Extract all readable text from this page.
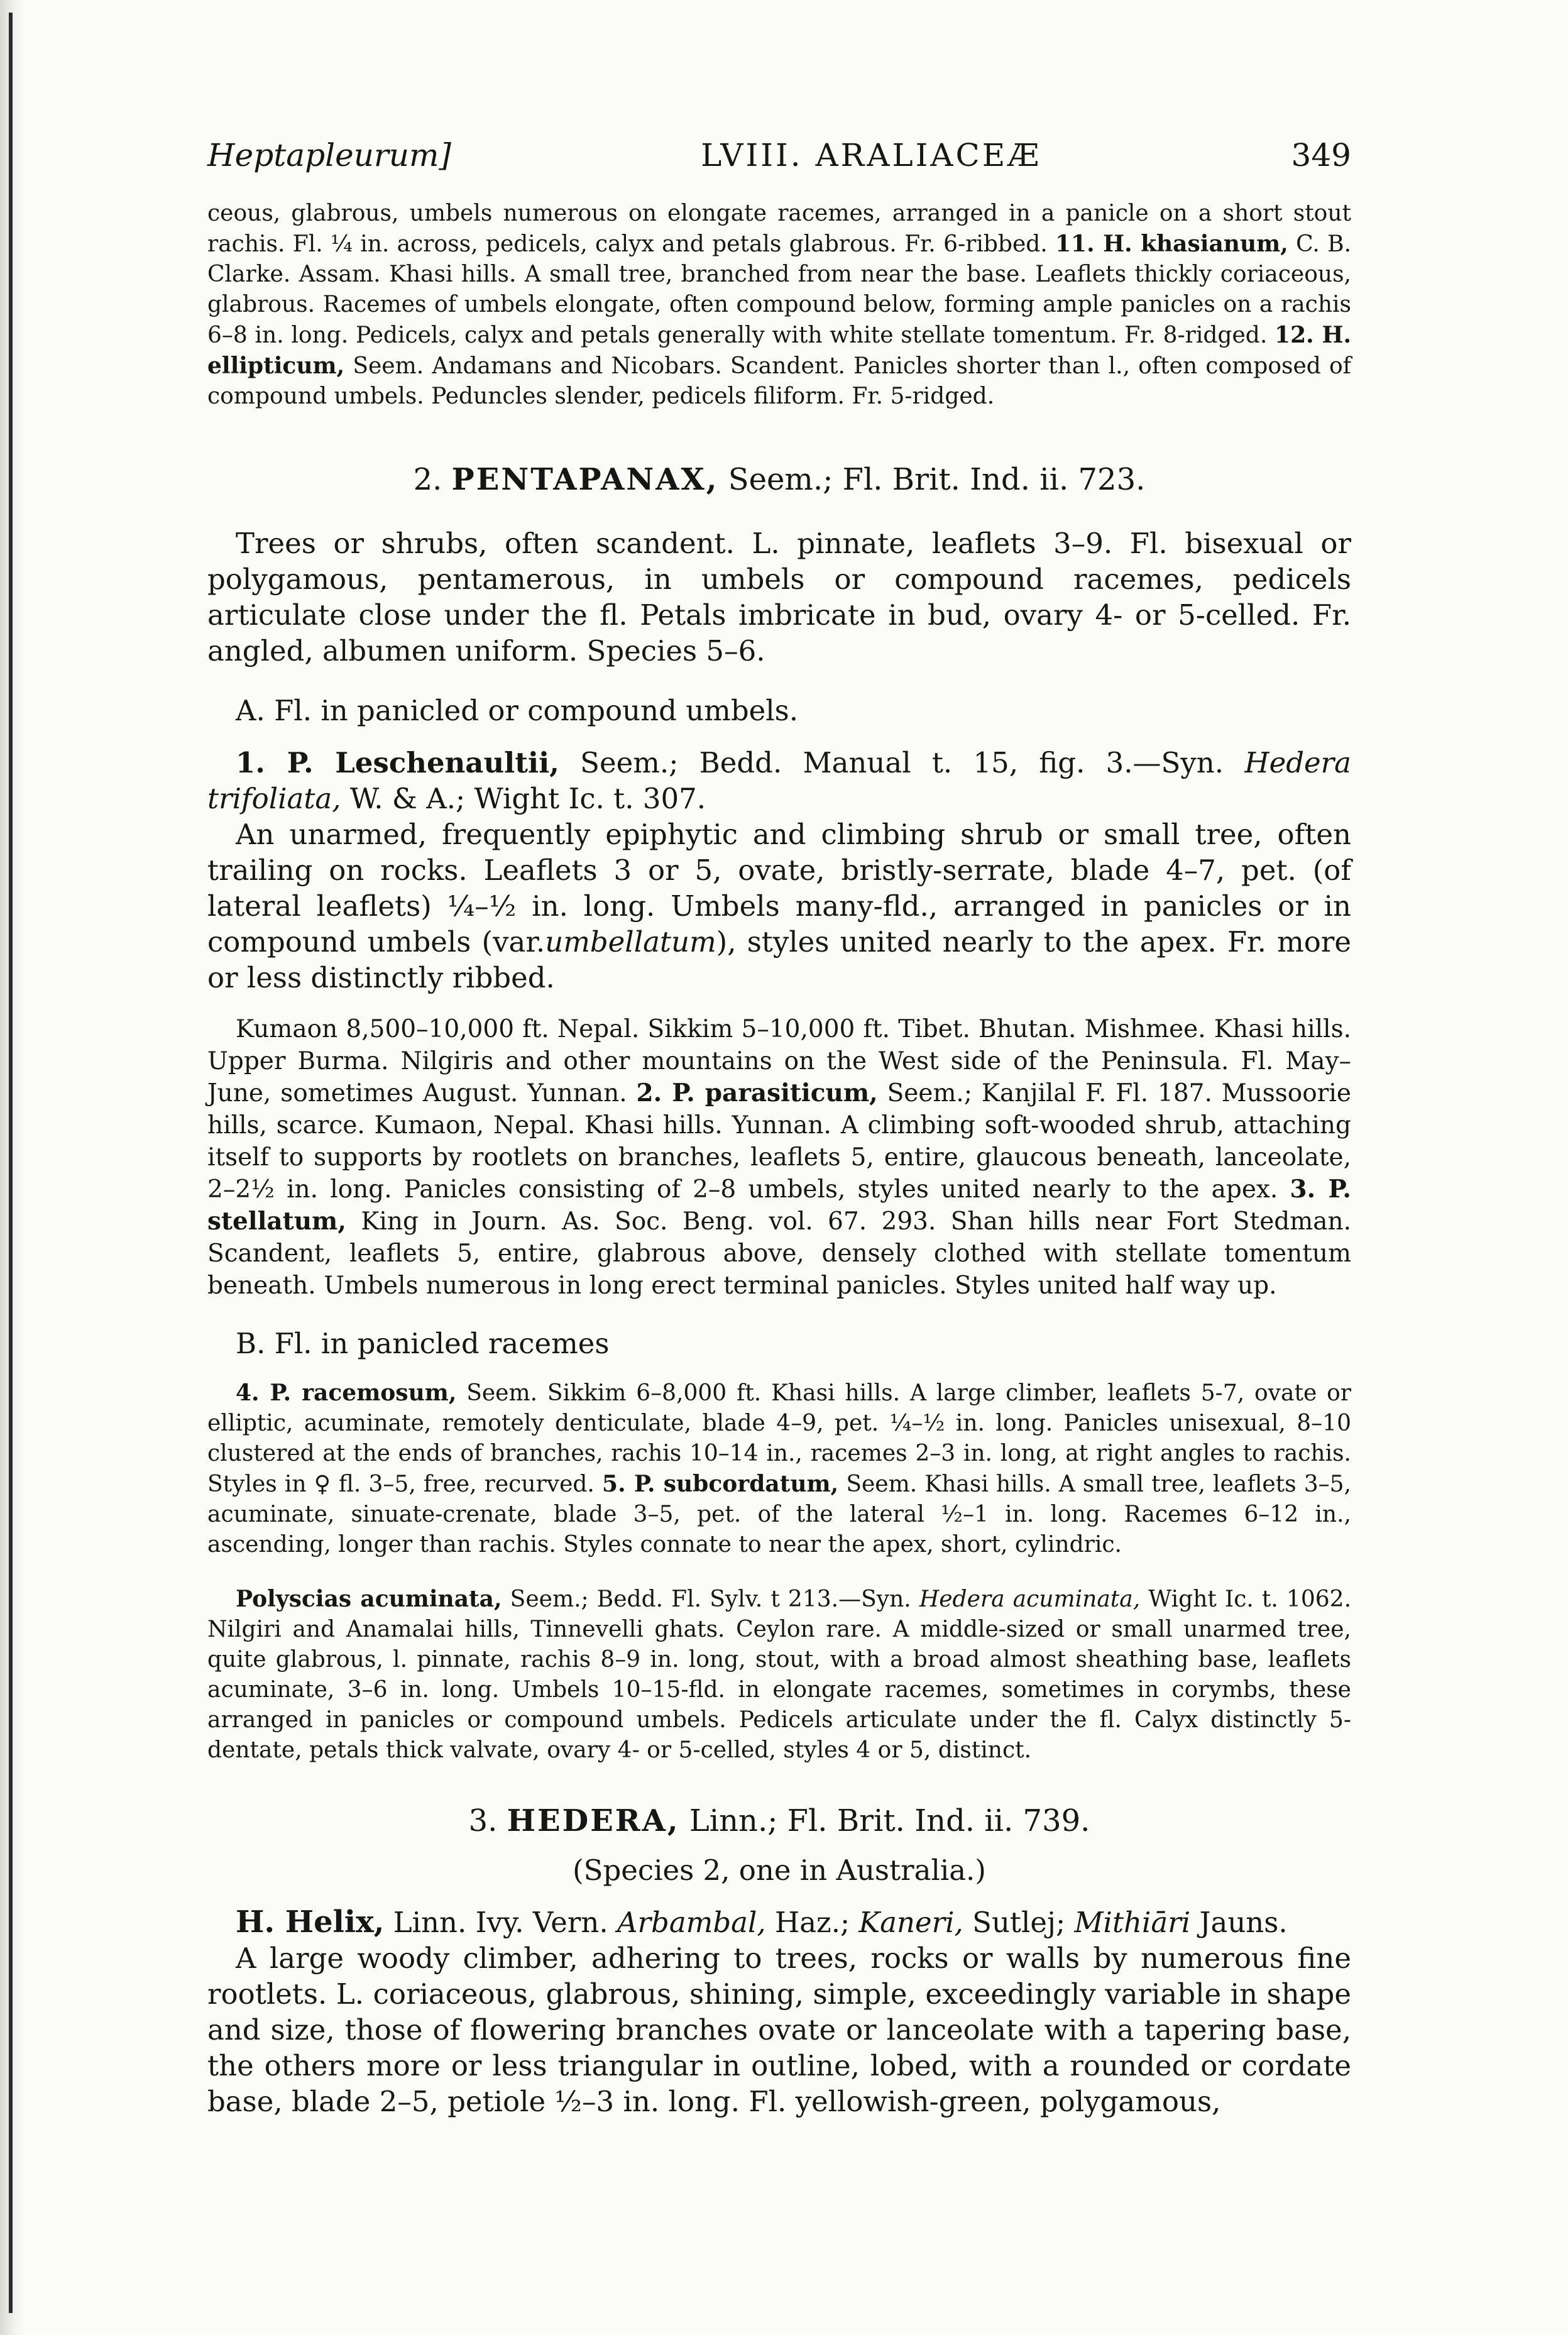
Heptapleurum]	LVIII. ARALIACEÆ	349

ceous, glabrous, umbels numerous on elongate racemes, arranged in a panicle on a short stout rachis. Fl. ¼ in. across, pedicels, calyx and petals glabrous. Fr. 6-ribbed. 11. H. khasianum, C. B. Clarke. Assam. Khasi hills. A small tree, branched from near the base. Leaflets thickly coriaceous, glabrous. Racemes of umbels elongate, often compound below, forming ample panicles on a rachis 6–8 in. long. Pedicels, calyx and petals generally with white stellate tomentum. Fr. 8-ridged. 12. H. ellipticum, Seem. Andamans and Nicobars. Scandent. Panicles shorter than l., often composed of compound umbels. Peduncles slender, pedicels filiform. Fr. 5-ridged.

2. PENTAPANAX, Seem.; Fl. Brit. Ind. ii. 723.

Trees or shrubs, often scandent. L. pinnate, leaflets 3–9. Fl. bisexual or polygamous, pentamerous, in umbels or compound racemes, pedicels articulate close under the fl. Petals imbricate in bud, ovary 4- or 5-celled. Fr. angled, albumen uniform. Species 5–6.

A. Fl. in panicled or compound umbels.

1. P. Leschenaultii, Seem.; Bedd. Manual t. 15, fig. 3.—Syn. Hedera trifoliata, W. & A.; Wight Ic. t. 307.

An unarmed, frequently epiphytic and climbing shrub or small tree, often trailing on rocks. Leaflets 3 or 5, ovate, bristly-serrate, blade 4–7, pet. (of lateral leaflets) ¼–½ in. long. Umbels many-fld., arranged in panicles or in compound umbels (var.umbellatum), styles united nearly to the apex. Fr. more or less distinctly ribbed.

Kumaon 8,500–10,000 ft. Nepal. Sikkim 5–10,000 ft. Tibet. Bhutan. Mishmee. Khasi hills. Upper Burma. Nilgiris and other mountains on the West side of the Peninsula. Fl. May–June, sometimes August. Yunnan. 2. P. parasiticum, Seem.; Kanjilal F. Fl. 187. Mussoorie hills, scarce. Kumaon, Nepal. Khasi hills. Yunnan. A climbing soft-wooded shrub, attaching itself to supports by rootlets on branches, leaflets 5, entire, glaucous beneath, lanceolate, 2–2½ in. long. Panicles consisting of 2–8 umbels, styles united nearly to the apex. 3. P. stellatum, King in Journ. As. Soc. Beng. vol. 67. 293. Shan hills near Fort Stedman. Scandent, leaflets 5, entire, glabrous above, densely clothed with stellate tomentum beneath. Umbels numerous in long erect terminal panicles. Styles united half way up.

B. Fl. in panicled racemes

4. P. racemosum, Seem. Sikkim 6–8,000 ft. Khasi hills. A large climber, leaflets 5-7, ovate or elliptic, acuminate, remotely denticulate, blade 4–9, pet. ¼–½ in. long. Panicles unisexual, 8–10 clustered at the ends of branches, rachis 10–14 in., racemes 2–3 in. long, at right angles to rachis. Styles in ♀ fl. 3–5, free, recurved. 5. P. subcordatum, Seem. Khasi hills. A small tree, leaflets 3–5, acuminate, sinuate-crenate, blade 3–5, pet. of the lateral ½–1 in. long. Racemes 6–12 in., ascending, longer than rachis. Styles connate to near the apex, short, cylindric.

Polyscias acuminata, Seem.; Bedd. Fl. Sylv. t 213.—Syn. Hedera acuminata, Wight Ic. t. 1062. Nilgiri and Anamalai hills, Tinnevelli ghats. Ceylon rare. A middle-sized or small unarmed tree, quite glabrous, l. pinnate, rachis 8–9 in. long, stout, with a broad almost sheathing base, leaflets acuminate, 3–6 in. long. Umbels 10–15-fld. in elongate racemes, sometimes in corymbs, these arranged in panicles or compound umbels. Pedicels articulate under the fl. Calyx distinctly 5-dentate, petals thick valvate, ovary 4- or 5-celled, styles 4 or 5, distinct.

3. HEDERA, Linn.; Fl. Brit. Ind. ii. 739.
(Species 2, one in Australia.)

H. Helix, Linn. Ivy. Vern. Arbambal, Haz.; Kaneri, Sutlej; Mithiāri Jauns.

A large woody climber, adhering to trees, rocks or walls by numerous fine rootlets. L. coriaceous, glabrous, shining, simple, exceedingly variable in shape and size, those of flowering branches ovate or lanceolate with a tapering base, the others more or less triangular in outline, lobed, with a rounded or cordate base, blade 2–5, petiole ½–3 in. long. Fl. yellowish-green, polygamous,
